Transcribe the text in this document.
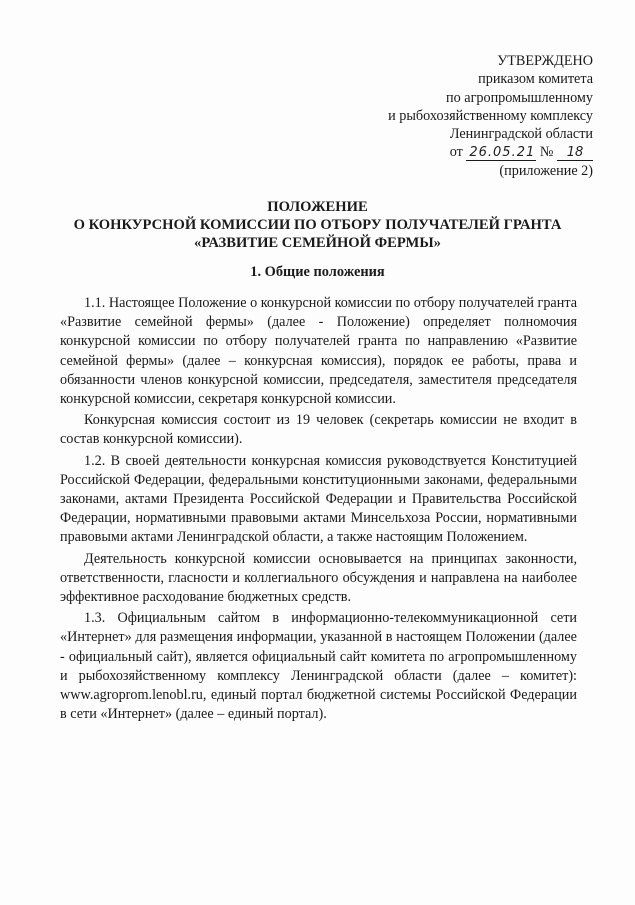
УТВЕРЖДЕНО
приказом комитета
по агропромышленному
и рыбохозяйственному комплексу
Ленинградской области
от 26.05.21 № 18
(приложение 2)
ПОЛОЖЕНИЕ
О КОНКУРСНОЙ КОМИССИИ ПО ОТБОРУ ПОЛУЧАТЕЛЕЙ ГРАНТА
«РАЗВИТИЕ СЕМЕЙНОЙ ФЕРМЫ»
1. Общие положения

1.1. Настоящее Положение о конкурсной комиссии по отбору получателей гранта «Развитие семейной фермы» (далее - Положение) определяет полномочия конкурсной комиссии по отбору получателей гранта по направлению «Развитие семейной фермы» (далее – конкурсная комиссия), порядок ее работы, права и обязанности членов конкурсной комиссии, председателя, заместителя председателя конкурсной комиссии, секретаря конкурсной комиссии.

Конкурсная комиссия состоит из 19 человек (секретарь комиссии не входит в состав конкурсной комиссии).

1.2. В своей деятельности конкурсная комиссия руководствуется Конституцией Российской Федерации, федеральными конституционными законами, федеральными законами, актами Президента Российской Федерации и Правительства Российской Федерации, нормативными правовыми актами Минсельхоза России, нормативными правовыми актами Ленинградской области, а также настоящим Положением.

Деятельность конкурсной комиссии основывается на принципах законности, ответственности, гласности и коллегиального обсуждения и направлена на наиболее эффективное расходование бюджетных средств.

1.3. Официальным сайтом в информационно-телекоммуникационной сети «Интернет» для размещения информации, указанной в настоящем Положении (далее - официальный сайт), является официальный сайт комитета по агропромышленному и рыбохозяйственному комплексу Ленинградской области (далее – комитет): www.agroprom.lenobl.ru, единый портал бюджетной системы Российской Федерации в сети «Интернет» (далее – единый портал).
